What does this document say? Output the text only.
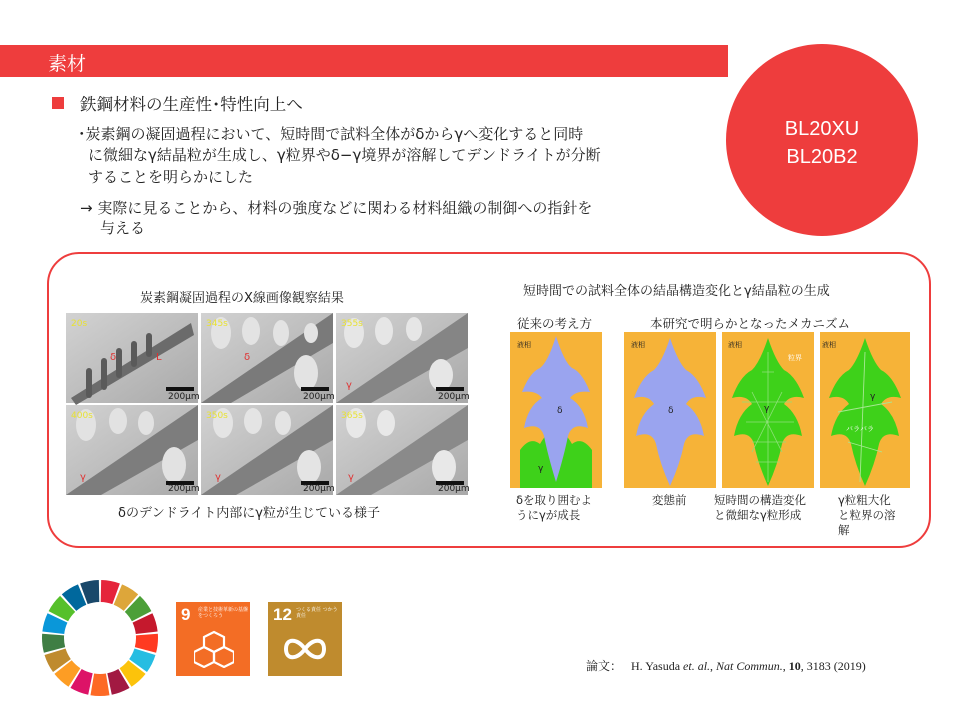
素材
BL20XU
BL20B2
鉄鋼材料の生産性･特性向上へ
･炭素鋼の凝固過程において、短時間で試料全体がδからγへ変化すると同時
に微細なγ結晶粒が生成し、γ粒界やδ−γ境界が溶解してデンドライトが分断
することを明らかにした
→ 実際に見ることから、材料の強度などに関わる材料組織の制御への指針を
与える
炭素鋼凝固過程のX線画像観察結果
20s
δ	L
200μm
345s
δ
200μm
355s
γ
200μm
400s
γ
200μm
350s
γ
200μm
365s
γ
200μm
δのデンドライト内部にγ粒が生じている様子
短時間での試料全体の結晶構造変化とγ結晶粒の生成
従来の考え方	本研究で明らかとなったメカニズム
液相
δ
γ
液相
δ
液相
粒界
γ
液相
γ
バラバラ
δを取り囲むよ
うにγが成長
変態前 短時間の構造変化
と微細なγ粒形成
γ粒粗大化
と粒界の溶
解
9 産業と技術革新の基盤をつくろう	12 つくる責任 つかう責任
論文： H. Yasuda et. al., Nat Commun., 10, 3183 (2019)
